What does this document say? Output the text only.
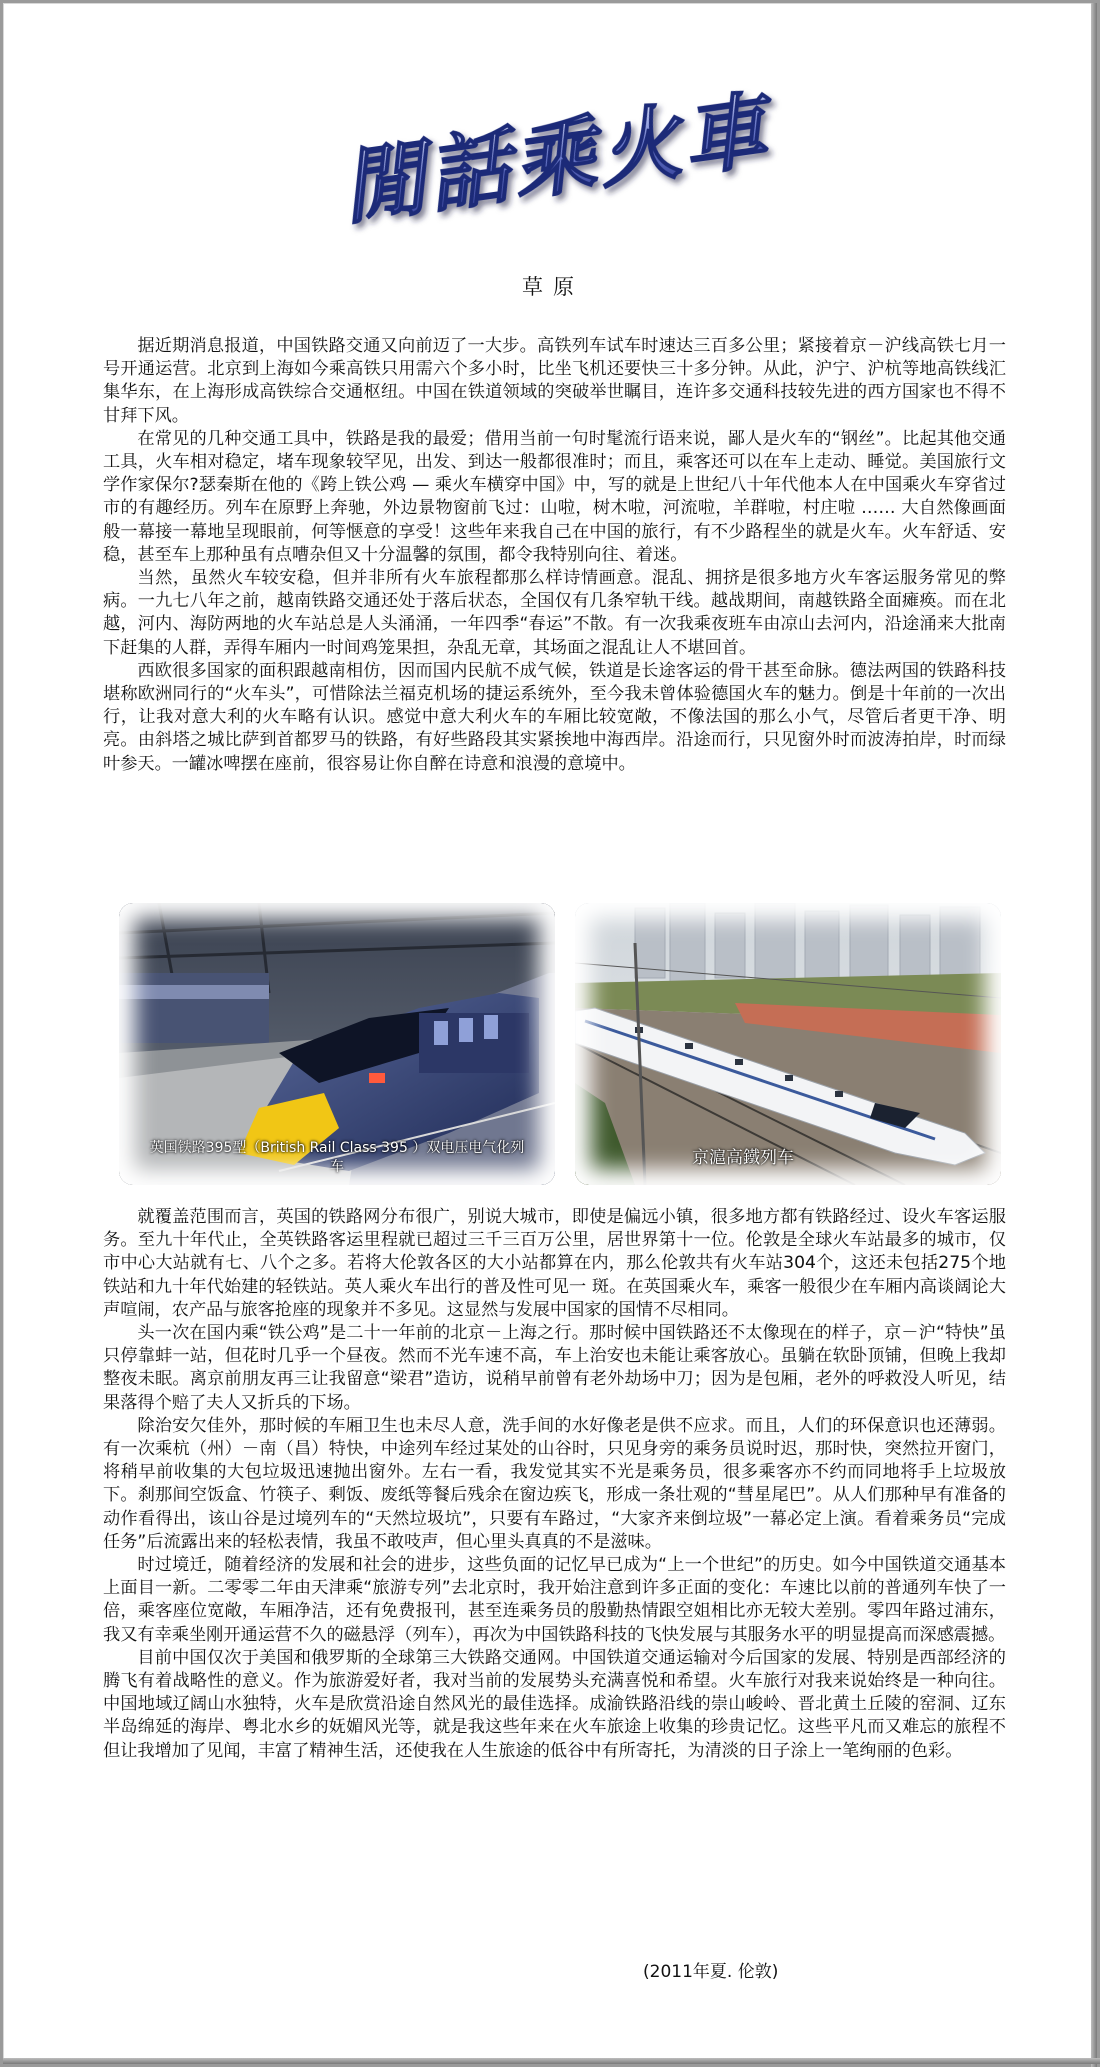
閒話乘火車
草原

据近期消息报道，中国铁路交通又向前迈了一大步。高铁列车试车时速达三百多公里；紧接着京－沪线高铁七月一号开通运营。北京到上海如今乘高铁只用需六个多小时，比坐飞机还要快三十多分钟。从此，沪宁、沪杭等地高铁线汇集华东，在上海形成高铁综合交通枢纽。中国在铁道领域的突破举世瞩目，连许多交通科技较先进的西方国家也不得不甘拜下风。

在常见的几种交通工具中，铁路是我的最爱；借用当前一句时髦流行语来说，鄙人是火车的“钢丝”。比起其他交通工具，火车相对稳定，堵车现象较罕见，出发、到达一般都很准时；而且，乘客还可以在车上走动、睡觉。美国旅行文学作家保尔?瑟秦斯在他的《跨上铁公鸡 — 乘火车横穿中国》中，写的就是上世纪八十年代他本人在中国乘火车穿省过市的有趣经历。列车在原野上奔驰，外边景物窗前飞过：山啦，树木啦，河流啦，羊群啦，村庄啦 …… 大自然像画面般一幕接一幕地呈现眼前，何等惬意的享受！这些年来我自己在中国的旅行，有不少路程坐的就是火车。火车舒适、安稳，甚至车上那种虽有点嘈杂但又十分温馨的氛围，都令我特别向往、着迷。

当然，虽然火车较安稳，但并非所有火车旅程都那么样诗情画意。混乱、拥挤是很多地方火车客运服务常见的弊病。一九七八年之前，越南铁路交通还处于落后状态，全国仅有几条窄轨干线。越战期间，南越铁路全面瘫痪。而在北越，河内、海防两地的火车站总是人头涌涌，一年四季“春运”不散。有一次我乘夜班车由凉山去河内，沿途涌来大批南下赶集的人群，弄得车厢内一时间鸡笼果担，杂乱无章，其场面之混乱让人不堪回首。

西欧很多国家的面积跟越南相仿，因而国内民航不成气候，铁道是长途客运的骨干甚至命脉。德法两国的铁路科技堪称欧洲同行的“火车头”，可惜除法兰福克机场的捷运系统外，至今我未曾体验德国火车的魅力。倒是十年前的一次出行，让我对意大利的火车略有认识。感觉中意大利火车的车厢比较宽敞，不像法国的那么小气，尽管后者更干净、明亮。由斜塔之城比萨到首都罗马的铁路，有好些路段其实紧挨地中海西岸。沿途而行，只见窗外时而波涛拍岸，时而绿叶参天。一罐冰啤摆在座前，很容易让你自醉在诗意和浪漫的意境中。

英国铁路395型（British Rail Class 395 ）双电压电气化列车	京滬高鐵列车

就覆盖范围而言，英国的铁路网分布很广，别说大城市，即使是偏远小镇，很多地方都有铁路经过、设火车客运服务。至九十年代止，全英铁路客运里程就已超过三千三百万公里，居世界第十一位。伦敦是全球火车站最多的城市，仅市中心大站就有七、八个之多。若将大伦敦各区的大小站都算在内，那么伦敦共有火车站304个，这还未包括275个地铁站和九十年代始建的轻铁站。英人乘火车出行的普及性可见一 斑。在英国乘火车，乘客一般很少在车厢内高谈阔论大声喧闹，农产品与旅客抢座的现象并不多见。这显然与发展中国家的国情不尽相同。

头一次在国内乘“铁公鸡”是二十一年前的北京－上海之行。那时候中国铁路还不太像现在的样子，京－沪“特快”虽只停靠蚌一站，但花时几乎一个昼夜。然而不光车速不高，车上治安也未能让乘客放心。虽躺在软卧顶铺，但晚上我却整夜未眠。离京前朋友再三让我留意“梁君”造访，说稍早前曾有老外劫场中刀；因为是包厢，老外的呼救没人听见，结果落得个赔了夫人又折兵的下场。

除治安欠佳外，那时候的车厢卫生也未尽人意，洗手间的水好像老是供不应求。而且，人们的环保意识也还薄弱。有一次乘杭（州）－南（昌）特快，中途列车经过某处的山谷时，只见身旁的乘务员说时迟，那时快，突然拉开窗门，将稍早前收集的大包垃圾迅速抛出窗外。左右一看，我发觉其实不光是乘务员，很多乘客亦不约而同地将手上垃圾放下。刹那间空饭盒、竹筷子、剩饭、废纸等餐后残余在窗边疾飞，形成一条壮观的“彗星尾巴”。从人们那种早有准备的动作看得出，该山谷是过境列车的“天然垃圾坑”，只要有车路过，“大家齐来倒垃圾”一幕必定上演。看着乘务员“完成任务”后流露出来的轻松表情，我虽不敢吱声，但心里头真真的不是滋味。

时过境迁，随着经济的发展和社会的进步，这些负面的记忆早已成为“上一个世纪”的历史。如今中国铁道交通基本上面目一新。二零零二年由天津乘“旅游专列”去北京时，我开始注意到许多正面的变化：车速比以前的普通列车快了一倍，乘客座位宽敞，车厢净洁，还有免费报刊，甚至连乘务员的殷勤热情跟空姐相比亦无较大差别。零四年路过浦东，我又有幸乘坐刚开通运营不久的磁悬浮（列车），再次为中国铁路科技的飞快发展与其服务水平的明显提高而深感震撼。

目前中国仅次于美国和俄罗斯的全球第三大铁路交通网。中国铁道交通运输对今后国家的发展、特别是西部经济的腾飞有着战略性的意义。作为旅游爱好者，我对当前的发展势头充满喜悦和希望。火车旅行对我来说始终是一种向往。中国地域辽阔山水独特，火车是欣赏沿途自然风光的最佳选择。成渝铁路沿线的崇山峻岭、晋北黄土丘陵的窑洞、辽东半岛绵延的海岸、粤北水乡的妩媚风光等，就是我这些年来在火车旅途上收集的珍贵记忆。这些平凡而又难忘的旅程不但让我增加了见闻，丰富了精神生活，还使我在人生旅途的低谷中有所寄托，为清淡的日子涂上一笔绚丽的色彩。

(2011年夏. 伦敦)
